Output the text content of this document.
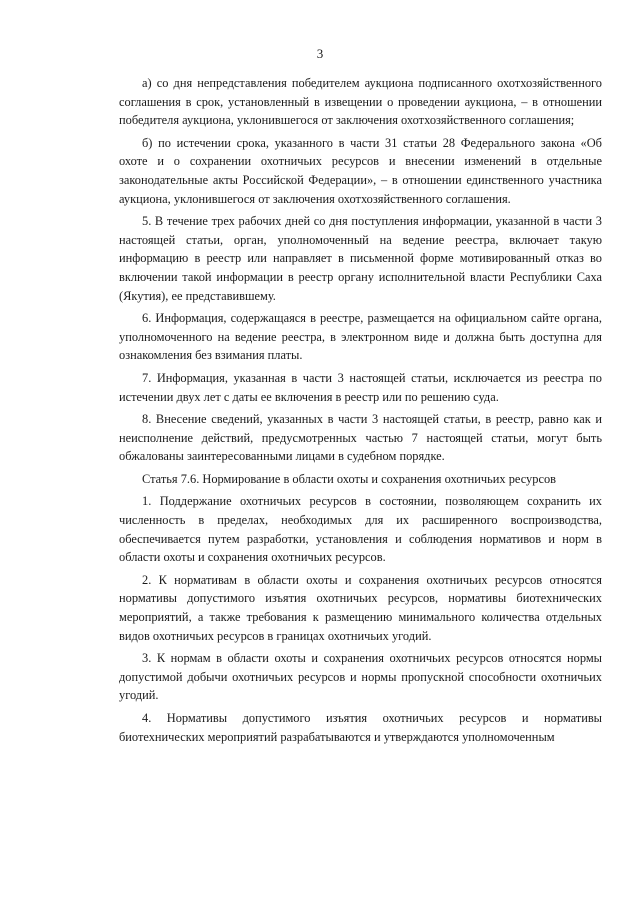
3

а) со дня непредставления победителем аукциона подписанного охотхозяйственного соглашения в срок, установленный в извещении о проведении аукциона, – в отношении победителя аукциона, уклонившегося от заключения охотхозяйственного соглашения;

б) по истечении срока, указанного в части 31 статьи 28 Федерального закона «Об охоте и о сохранении охотничьих ресурсов и внесении изменений в отдельные законодательные акты Российской Федерации», – в отношении единственного участника аукциона, уклонившегося от заключения охотхозяйственного соглашения.

5. В течение трех рабочих дней со дня поступления информации, указанной в части 3 настоящей статьи, орган, уполномоченный на ведение реестра, включает такую информацию в реестр или направляет в письменной форме мотивированный отказ во включении такой информации в реестр органу исполнительной власти Республики Саха (Якутия), ее представившему.

6. Информация, содержащаяся в реестре, размещается на официальном сайте органа, уполномоченного на ведение реестра, в электронном виде и должна быть доступна для ознакомления без взимания платы.

7. Информация, указанная в части 3 настоящей статьи, исключается из реестра по истечении двух лет с даты ее включения в реестр или по решению суда.

8. Внесение сведений, указанных в части 3 настоящей статьи, в реестр, равно как и неисполнение действий, предусмотренных частью 7 настоящей статьи, могут быть обжалованы заинтересованными лицами в судебном порядке.

Статья 7.6. Нормирование в области охоты и сохранения охотничьих ресурсов

1. Поддержание охотничьих ресурсов в состоянии, позволяющем сохранить их численность в пределах, необходимых для их расширенного воспроизводства, обеспечивается путем разработки, установления и соблюдения нормативов и норм в области охоты и сохранения охотничьих ресурсов.

2. К нормативам в области охоты и сохранения охотничьих ресурсов относятся нормативы допустимого изъятия охотничьих ресурсов, нормативы биотехнических мероприятий, а также требования к размещению минимального количества отдельных видов охотничьих ресурсов в границах охотничьих угодий.

3. К нормам в области охоты и сохранения охотничьих ресурсов относятся нормы допустимой добычи охотничьих ресурсов и нормы пропускной способности охотничьих угодий.

4. Нормативы допустимого изъятия охотничьих ресурсов и нормативы биотехнических мероприятий разрабатываются и утверждаются уполномоченным
